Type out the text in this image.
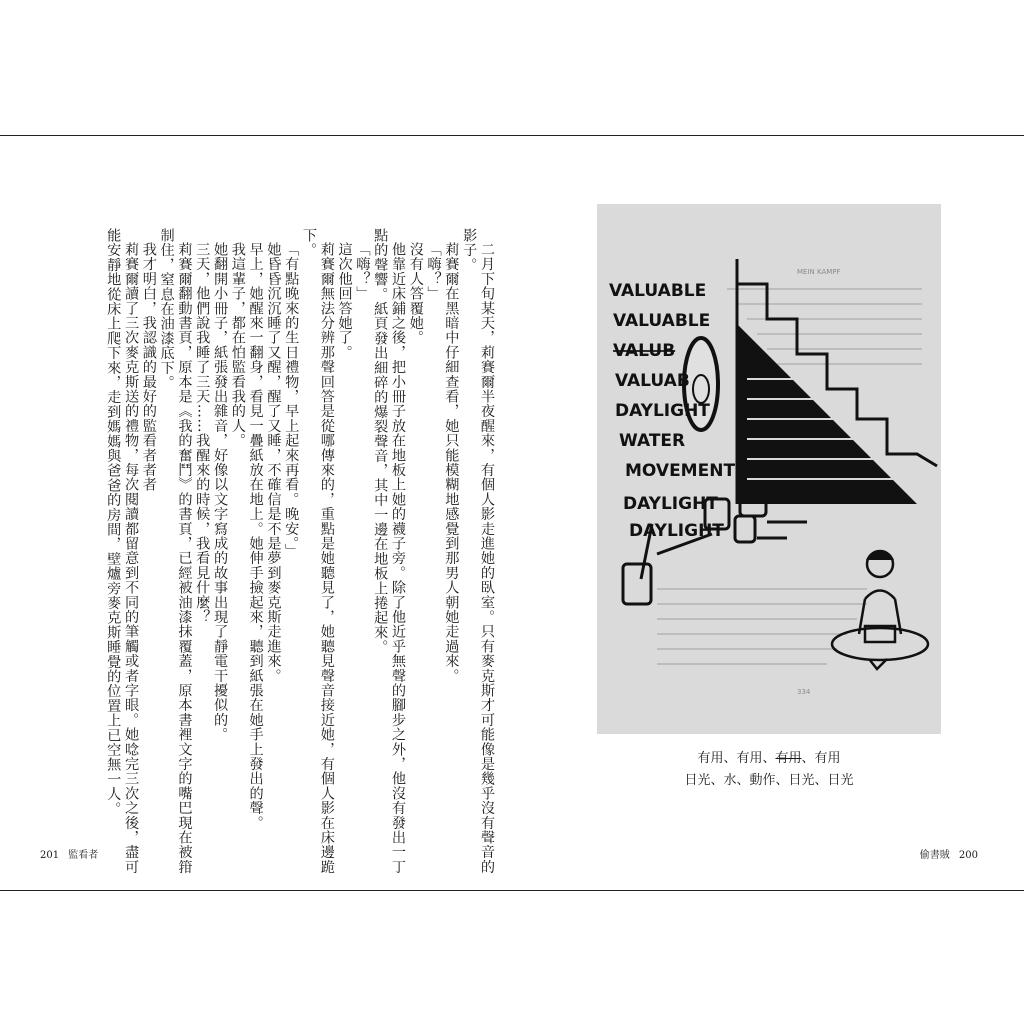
二月下旬某天，莉賽爾半夜醒來，有個人影走進她的臥室。只有麥克斯才可能像是幾乎沒有聲音的影子。

莉賽爾在黑暗中仔細查看，她只能模糊地感覺到那男人朝她走過來。

「嗨？」

沒有人答覆她。

他靠近床鋪之後，把小冊子放在地板上她的襪子旁。除了他近乎無聲的腳步之外，他沒有發出一丁點的聲響。紙頁發出細碎的爆裂聲音，其中一邊在地板上捲起來。

「嗨？」

這次他回答她了。

莉賽爾無法分辨那聲回答是從哪傳來的，重點是她聽見了，她聽見聲音接近她，有個人影在床邊跪下。

「有點晚來的生日禮物，早上起來再看。晚安。」

她昏昏沉沉睡了又醒，醒了又睡，不確信是不是夢到麥克斯走進來。

早上，她醒來一翻身，看見一疊紙放在地上。她伸手撿起來，聽到紙張在她手上發出的聲。

我這輩子，都在怕監看我的人。

她翻開小冊子，紙張發出雜音，好像以文字寫成的故事出現了靜電干擾似的。

三天，他們說我睡了三天……我醒來的時候，我看見什麼？

莉賽爾翻動書頁，原本是《我的奮鬥》的書頁，已經被油漆抹覆蓋，原本書裡文字的嘴巴現在被箝制住，窒息在油漆底下。

我才明白，我認識的最好的監看者者者

莉賽爾讀了三次麥克斯送的禮物，每次閱讀都留意到不同的筆觸或者字眼。她唸完三次之後，盡可能安靜地從床上爬下來，走到媽媽與爸爸的房間，壁爐旁麥克斯睡覺的位置上已空無一人。

201 監看者
MEIN KAMPF
334
VALUABLE
VALUABLE
VALUB
VALUAB
DAYLIGHT
WATER
MOVEMENT
DAYLIGHT
DAYLIGHT
有用、有用、有用、有用
日光、水、動作、日光、日光
偷書賊 200
